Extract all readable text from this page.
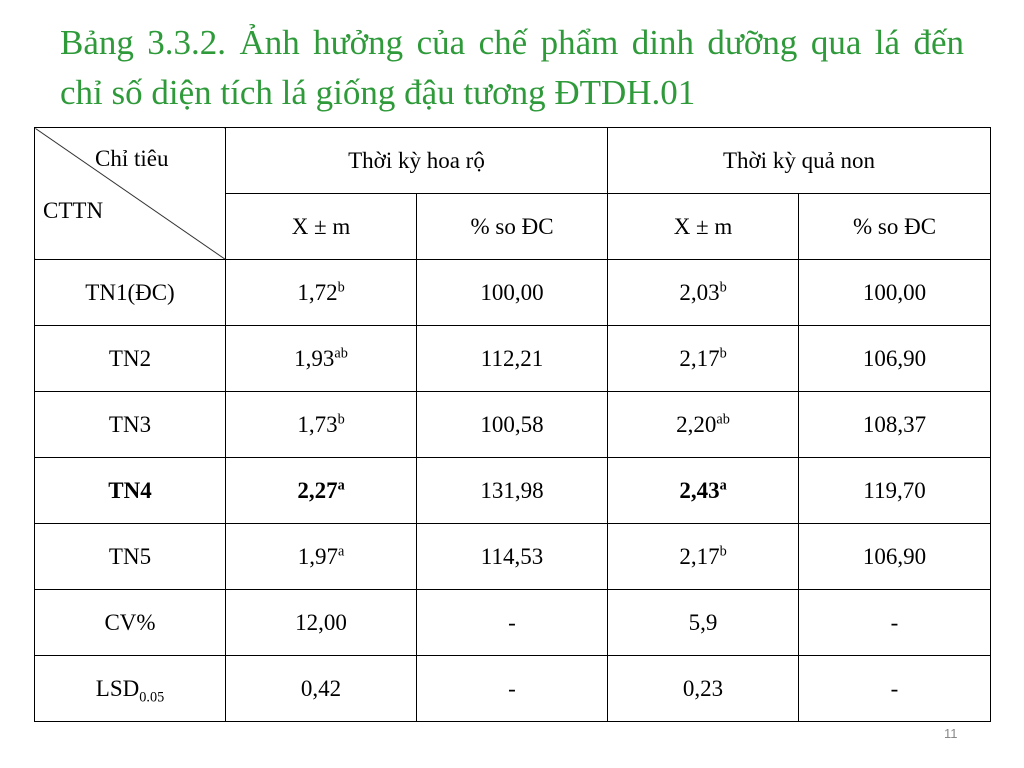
Bảng 3.3.2. Ảnh hưởng của chế phẩm dinh dưỡng qua lá đến chỉ số diện tích lá giống đậu tương ĐTDH.01
Chỉ tiêu
CTTN	Thời kỳ hoa rộ		Thời kỳ quả non	
	X ± m	% so ĐC	X ± m	% so ĐC
TN1(ĐC)	1,72$^b$	100,00	2,03$^b$	100,00
TN2	1,93$^{ab}$	112,21	2,17$^b$	106,90
TN3	1,73$^b$	100,58	2,20$^{ab}$	108,37
TN4	2,27$^a$	131,98	2,43$^a$	119,70
TN5	1,97$^a$	114,53	2,17$^b$	106,90
CV%	12,00	-	5,9	-
$LSD_{0.05}$	0,42	-	0,23	-
11
